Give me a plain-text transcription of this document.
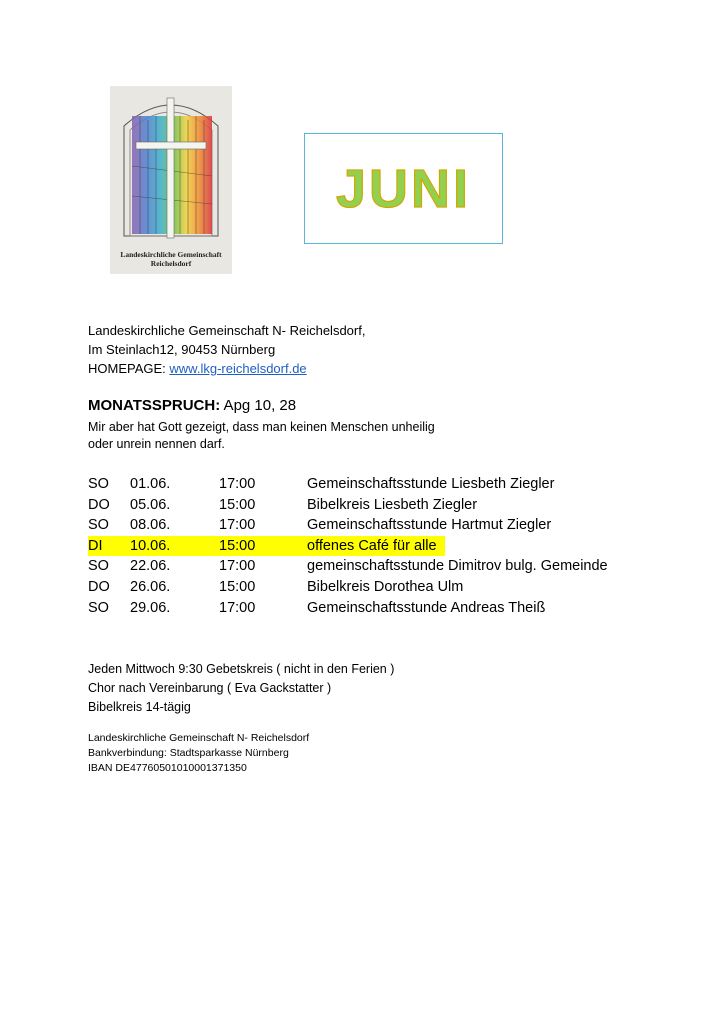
Landeskirchliche Gemeinschaft
Reichelsdorf
JUNI
Landeskirchliche Gemeinschaft N- Reichelsdorf,
Im Steinlach12, 90453 Nürnberg
HOMEPAGE: www.lkg-reichelsdorf.de
MONATSSPRUCH: Apg 10, 28
Mir aber hat Gott gezeigt, dass man keinen Menschen unheilig
oder unrein nennen darf.
SO 01.06.	17:00	Gemeinschaftsstunde Liesbeth Ziegler
DO 05.06.	15:00	Bibelkreis Liesbeth Ziegler
SO 08.06.	17:00	Gemeinschaftsstunde Hartmut Ziegler
DI 10.06.	15:00	offenes Café für alle
SO 22.06.	17:00	gemeinschaftsstunde Dimitrov bulg. Gemeinde
DO 26.06.	15:00	Bibelkreis Dorothea Ulm
SO 29.06.	17:00	Gemeinschaftsstunde Andreas Theiß
Jeden Mittwoch 9:30 Gebetskreis ( nicht in den Ferien )
Chor nach Vereinbarung ( Eva Gackstatter )
Bibelkreis 14-tägig
Landeskirchliche Gemeinschaft N- Reichelsdorf
Bankverbindung: Stadtsparkasse Nürnberg
IBAN DE47760501010001371350
